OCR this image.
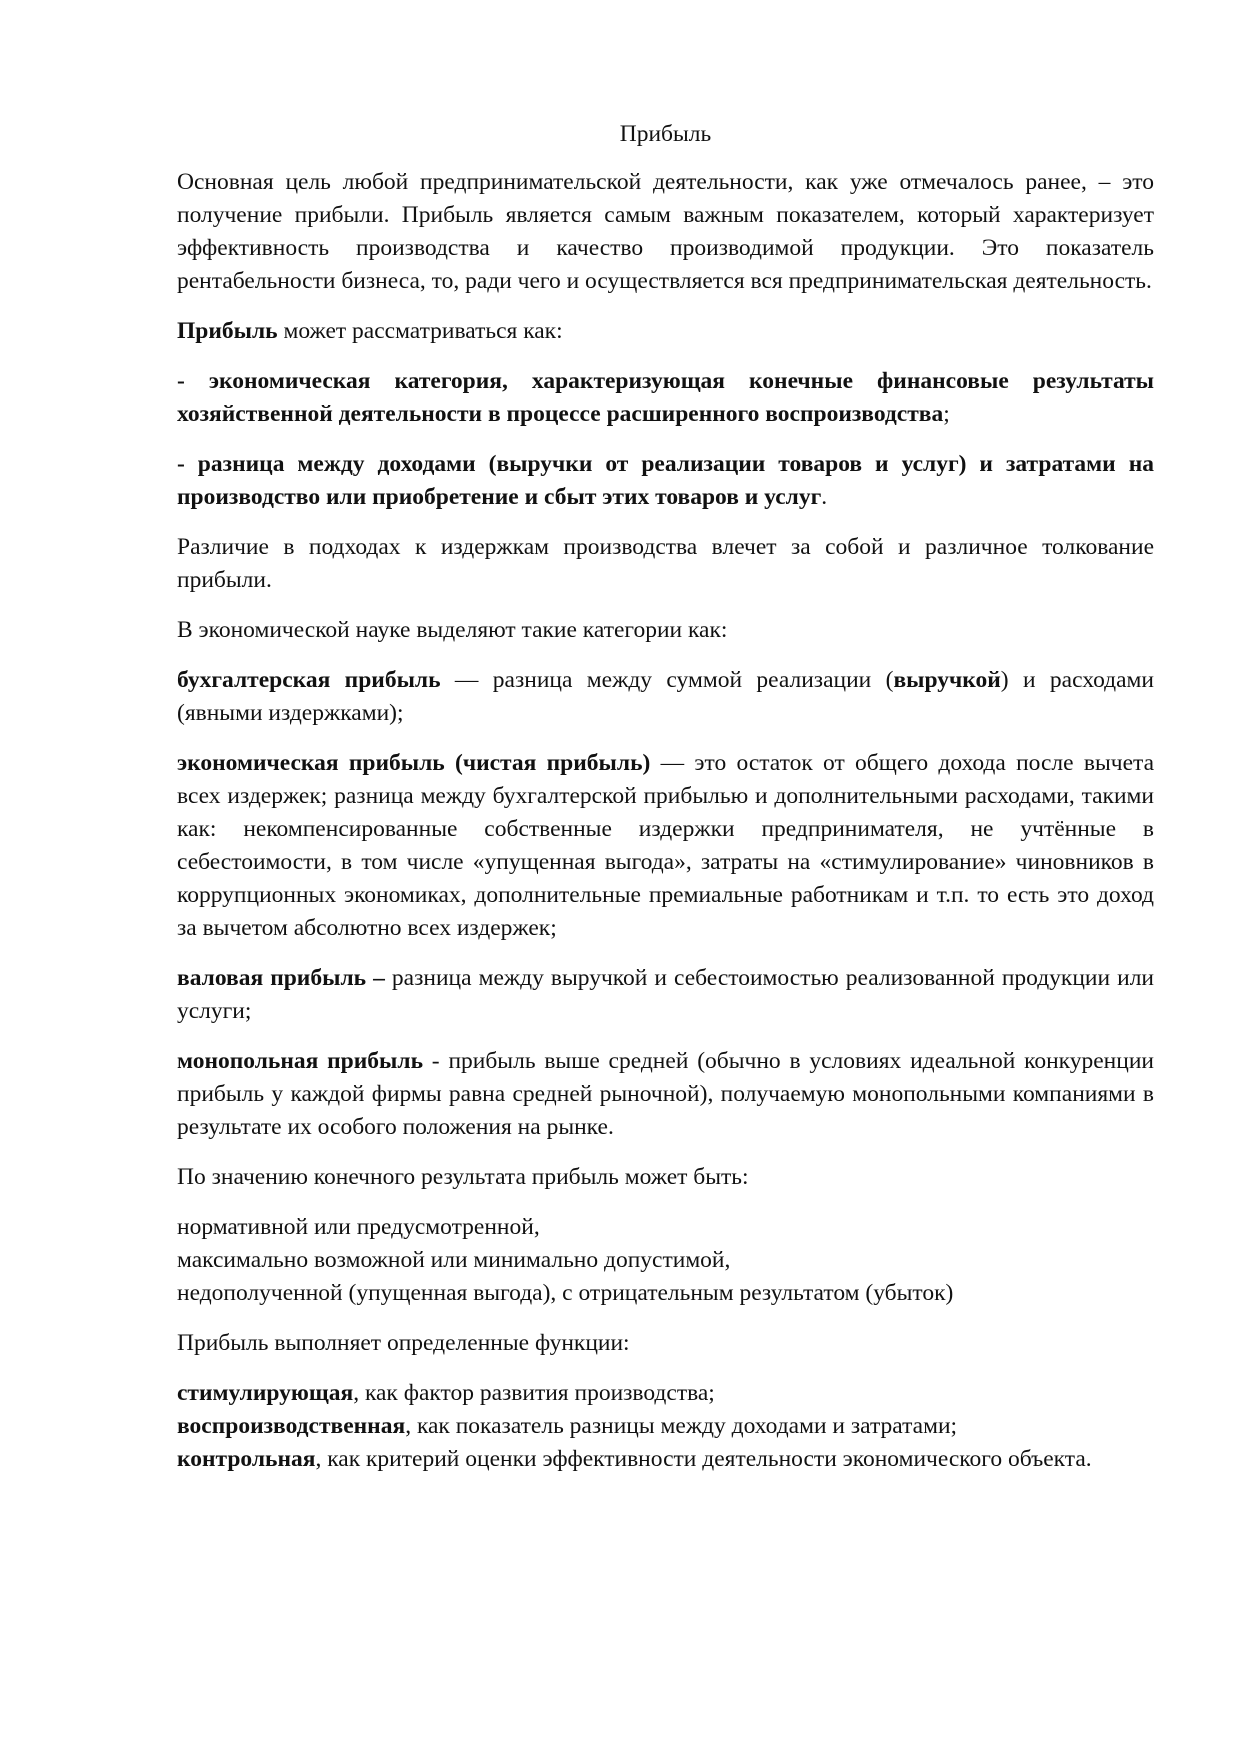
Прибыль

Основная цель любой предпринимательской деятельности, как уже отмечалось ранее, – это получение прибыли. Прибыль является самым важным показателем, который характеризует эффективность производства и качество производимой продукции. Это показатель рентабельности бизнеса, то, ради чего и осуществляется вся предпринимательская деятельность.

Прибыль может рассматриваться как:

- экономическая категория, характеризующая конечные финансовые результаты хозяйственной деятельности в процессе расширенного воспроизводства;

- разница между доходами (выручки от реализации товаров и услуг) и затратами на производство или приобретение и сбыт этих товаров и услуг.

Различие в подходах к издержкам производства влечет за собой и различное толкование прибыли.

В экономической науке выделяют такие категории как:

бухгалтерская прибыль — разница между суммой реализации (выручкой) и расходами (явными издержками);

экономическая прибыль (чистая прибыль) — это остаток от общего дохода после вычета всех издержек; разница между бухгалтерской прибылью и дополнительными расходами, такими как: некомпенсированные собственные издержки предпринимателя, не учтённые в себестоимости, в том числе «упущенная выгода», затраты на «стимулирование» чиновников в коррупционных экономиках, дополнительные премиальные работникам и т.п. то есть это доход за вычетом абсолютно всех издержек;

валовая прибыль – разница между выручкой и себестоимостью реализованной продукции или услуги;

монопольная прибыль - прибыль выше средней (обычно в условиях идеальной конкуренции прибыль у каждой фирмы равна средней рыночной), получаемую монопольными компаниями в результате их особого положения на рынке.

По значению конечного результата прибыль может быть:

нормативной или предусмотренной,
максимально возможной или минимально допустимой,
недополученной (упущенная выгода), с отрицательным результатом (убыток)

Прибыль выполняет определенные функции:

стимулирующая, как фактор развития производства;
воспроизводственная, как показатель разницы между доходами и затратами;
контрольная, как критерий оценки эффективности деятельности экономического объекта.
